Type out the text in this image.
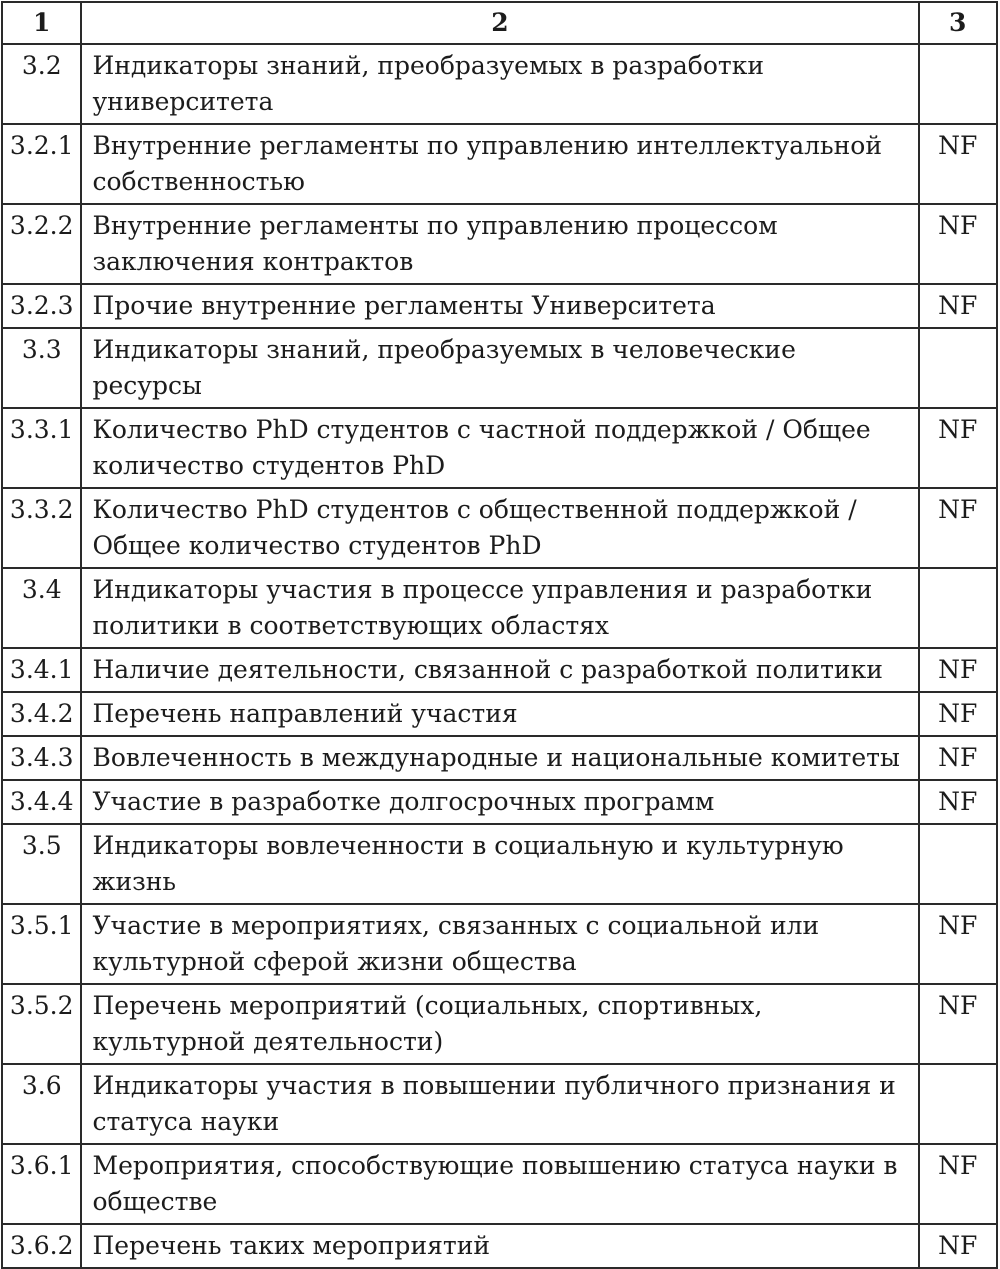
1	2	3
3.2	Индикаторы знаний, преобразуемых в разработки университета	
3.2.1	Внутренние регламенты по управлению интеллектуальной собственностью	NF
3.2.2	Внутренние регламенты по управлению процессом заключения контрактов	NF
3.2.3	Прочие внутренние регламенты Университета	NF
3.3	Индикаторы знаний, преобразуемых в человеческие ресурсы	
3.3.1	Количество PhD студентов с частной поддержкой / Общее количество студентов PhD	NF
3.3.2	Количество PhD студентов с общественной поддержкой / Общее количество студентов PhD	NF
3.4	Индикаторы участия в процессе управления и разработки политики в соответствующих областях	
3.4.1	Наличие деятельности, связанной с разработкой политики	NF
3.4.2	Перечень направлений участия	NF
3.4.3	Вовлеченность в международные и национальные комитеты	NF
3.4.4	Участие в разработке долгосрочных программ	NF
3.5	Индикаторы вовлеченности в социальную и культурную жизнь	
3.5.1	Участие в мероприятиях, связанных с социальной или культурной сферой жизни общества	NF
3.5.2	Перечень мероприятий (социальных, спортивных, культурной деятельности)	NF
3.6	Индикаторы участия в повышении публичного признания и статуса науки	
3.6.1	Мероприятия, способствующие повышению статуса науки в обществе	NF
3.6.2	Перечень таких мероприятий	NF
